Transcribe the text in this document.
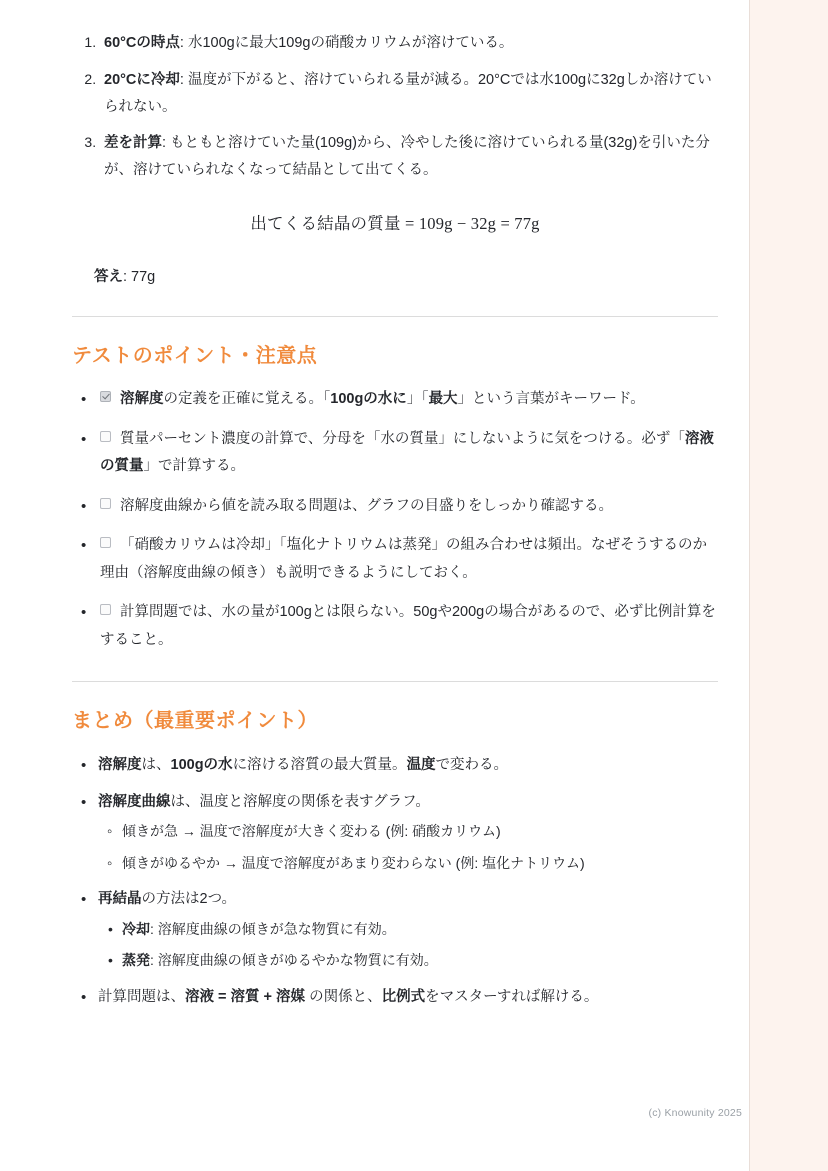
1. 60°Cの時点: 水100gに最大109gの硝酸カリウムが溶けている。
2. 20°Cに冷却: 温度が下がると、溶けていられる量が減る。20°Cでは水100gに32gしか溶けていられない。
3. 差を計算: もともと溶けていた量(109g)から、冷やした後に溶けていられる量(32g)を引いた分が、溶けていられなくなって結晶として出てくる。
出てくる結晶の質量 = 109g − 32g = 77g
答え: 77g
テストのポイント・注意点
• 溶解度の定義を正確に覚える。「100gの水に」「最大」という言葉がキーワード。
• 質量パーセント濃度の計算で、分母を「水の質量」にしないように気をつける。必ず「溶液の質量」で計算する。
• 溶解度曲線から値を読み取る問題は、グラフの目盛りをしっかり確認する。
• 「硝酸カリウムは冷却」「塩化ナトリウムは蒸発」の組み合わせは頻出。なぜそうするのか理由（溶解度曲線の傾き）も説明できるようにしておく。
• 計算問題では、水の量が100gとは限らない。50gや200gの場合があるので、必ず比例計算をすること。
まとめ（最重要ポイント）
• 溶解度は、100gの水に溶ける溶質の最大質量。温度で変わる。
• 溶解度曲線は、温度と溶解度の関係を表すグラフ。
◦ 傾きが急 → 温度で溶解度が大きく変わる (例: 硝酸カリウム)
◦ 傾きがゆるやか → 温度で溶解度があまり変わらない (例: 塩化ナトリウム)
• 再結晶の方法は2つ。
• 冷却: 溶解度曲線の傾きが急な物質に有効。
• 蒸発: 溶解度曲線の傾きがゆるやかな物質に有効。
• 計算問題は、溶液 = 溶質 + 溶媒 の関係と、比例式をマスターすれば解ける。
(c) Knowunity 2025
